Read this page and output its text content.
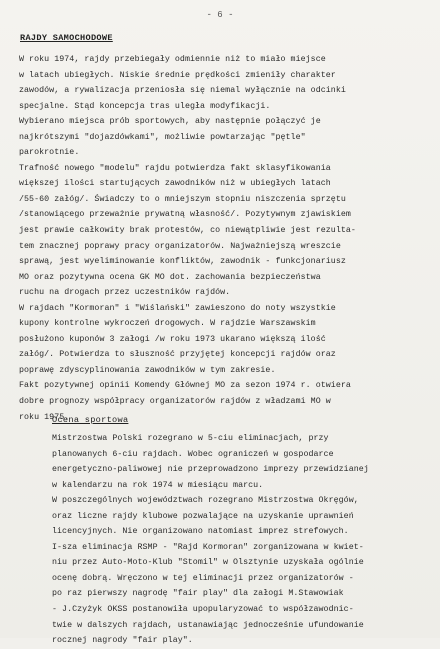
- 6 -
RAJDY SAMOCHODOWE
W roku 1974, rajdy przebiegały odmiennie niż to miało miejsce
w latach ubiegłych. Niskie średnie prędkości zmieniły charakter
zawodów, a rywalizacja przeniosła się niemal wyłącznie na odcinki
specjalne. Stąd koncepcja tras uległa modyfikacji.
Wybierano miejsca prób sportowych, aby następnie połączyć je
najkrótszymi "dojazdówkami", możliwie powtarzając "pętle"
parokrotnie.
Trafność nowego "modelu" rajdu potwierdza fakt sklasyfikowania
większej ilości startujących zawodników niż w ubiegłych latach
/55-60 załóg/. Świadczy to o mniejszym stopniu niszczenia sprzętu
/stanowiącego przeważnie prywatną własność/. Pozytywnym zjawiskiem
jest prawie całkowity brak protestów, co niewątpliwie jest rezulta-
tem znacznej poprawy pracy organizatorów. Najważniejszą wreszcie
sprawą, jest wyeliminowanie konfliktów, zawodnik - funkcjonariusz
MO oraz pozytywna ocena GK MO dot. zachowania bezpieczeństwa
ruchu na drogach przez uczestników rajdów.
W rajdach "Kormoran" i "Wiślański" zawieszono do noty wszystkie
kupony kontrolne wykroczeń drogowych. W rajdzie Warszawskim
posłużono kuponów 3 załogi /w roku 1973 ukarano większą ilość
załóg/. Potwierdza to słuszność przyjętej koncepcji rajdów oraz
poprawę zdyscyplinowania zawodników w tym zakresie.
Fakt pozytywnej opinii Komendy Głównej MO za sezon 1974 r. otwiera
dobre prognozy współpracy organizatorów rajdów z władzami MO w
roku 1975.
Ocena sportowa
Mistrzostwa Polski rozegrano w 5-ciu eliminacjach, przy
planowanych 6-ciu rajdach. Wobec ograniczeń w gospodarce
energetyczno-paliwowej nie przeprowadzono imprezy przewidzianej
w kalendarzu na rok 1974 w miesiącu marcu.
W poszczególnych województwach rozegrano Mistrzostwa Okręgów,
oraz liczne rajdy klubowe pozwalające na uzyskanie uprawnień
licencyjnych. Nie organizowano natomiast imprez strefowych.
I-sza eliminacja RSMP - "Rajd Kormoran" zorganizowana w kwiet-
niu przez Auto-Moto-Klub "Stomil" w Olsztynie uzyskała ogólnie
ocenę dobrą. Wręczono w tej eliminacji przez organizatorów -
po raz pierwszy nagrodę "fair play" dla załogi M.Stawowiak
- J.Czyżyk OKSS postanowiła upopularyzować to współzawodnic-
twie w dalszych rajdach, ustanawiając jednocześnie ufundowanie
rocznej nagrody "fair play".
